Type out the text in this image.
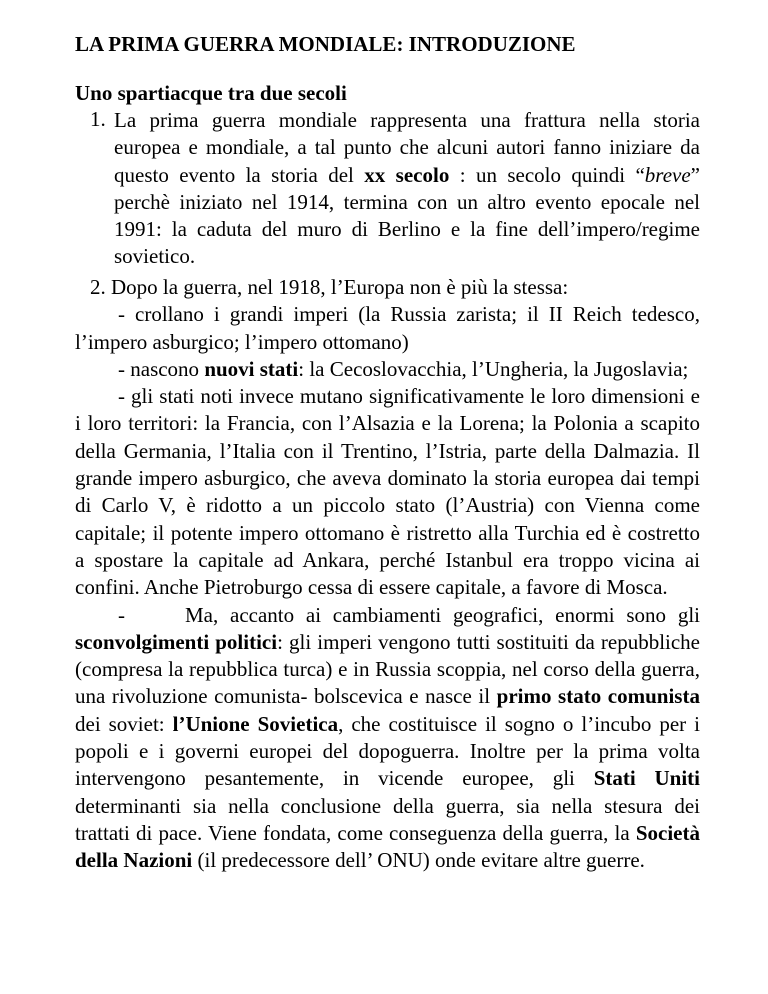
LA PRIMA GUERRA MONDIALE: INTRODUZIONE
Uno spartiacque tra due secoli
1. La prima guerra mondiale rappresenta una frattura nella storia europea e mondiale, a tal punto che alcuni autori fanno iniziare da questo evento la storia del xx secolo : un secolo quindi “breve” perchè iniziato nel 1914, termina con un altro evento epocale nel 1991: la caduta del muro di Berlino e la fine dell’impero/regime sovietico.
2. Dopo la guerra, nel 1918, l’Europa non è più la stessa:
- crollano i grandi imperi (la Russia zarista; il II Reich tedesco, l’impero asburgico; l’impero ottomano)
- nascono nuovi stati: la Cecoslovacchia, l’Ungheria, la Jugoslavia;
- gli stati noti invece mutano significativamente le loro dimensioni e i loro territori: la Francia, con l’Alsazia e la Lorena; la Polonia a scapito della Germania, l’Italia con il Trentino, l’Istria, parte della Dalmazia. Il grande impero asburgico, che aveva dominato la storia europea dai tempi di Carlo V, è ridotto a un piccolo stato (l’Austria) con Vienna come capitale; il potente impero ottomano è ristretto alla Turchia ed è costretto a spostare la capitale ad Ankara, perché Istanbul era troppo vicina ai confini. Anche Pietroburgo cessa di essere capitale, a favore di Mosca.
-	Ma, accanto ai cambiamenti geografici, enormi sono gli sconvolgimenti politici: gli imperi vengono tutti sostituiti da repubbliche (compresa la repubblica turca) e in Russia scoppia, nel corso della guerra, una rivoluzione comunista- bolscevica e nasce il primo stato comunista dei soviet: l’Unione Sovietica, che costituisce il sogno o l’incubo per i popoli e i governi europei del dopoguerra. Inoltre per la prima volta intervengono pesantemente, in vicende europee, gli Stati Uniti determinanti sia nella conclusione della guerra, sia nella stesura dei trattati di pace. Viene fondata, come conseguenza della guerra, la Società della Nazioni (il predecessore dell’ ONU) onde evitare altre guerre.
